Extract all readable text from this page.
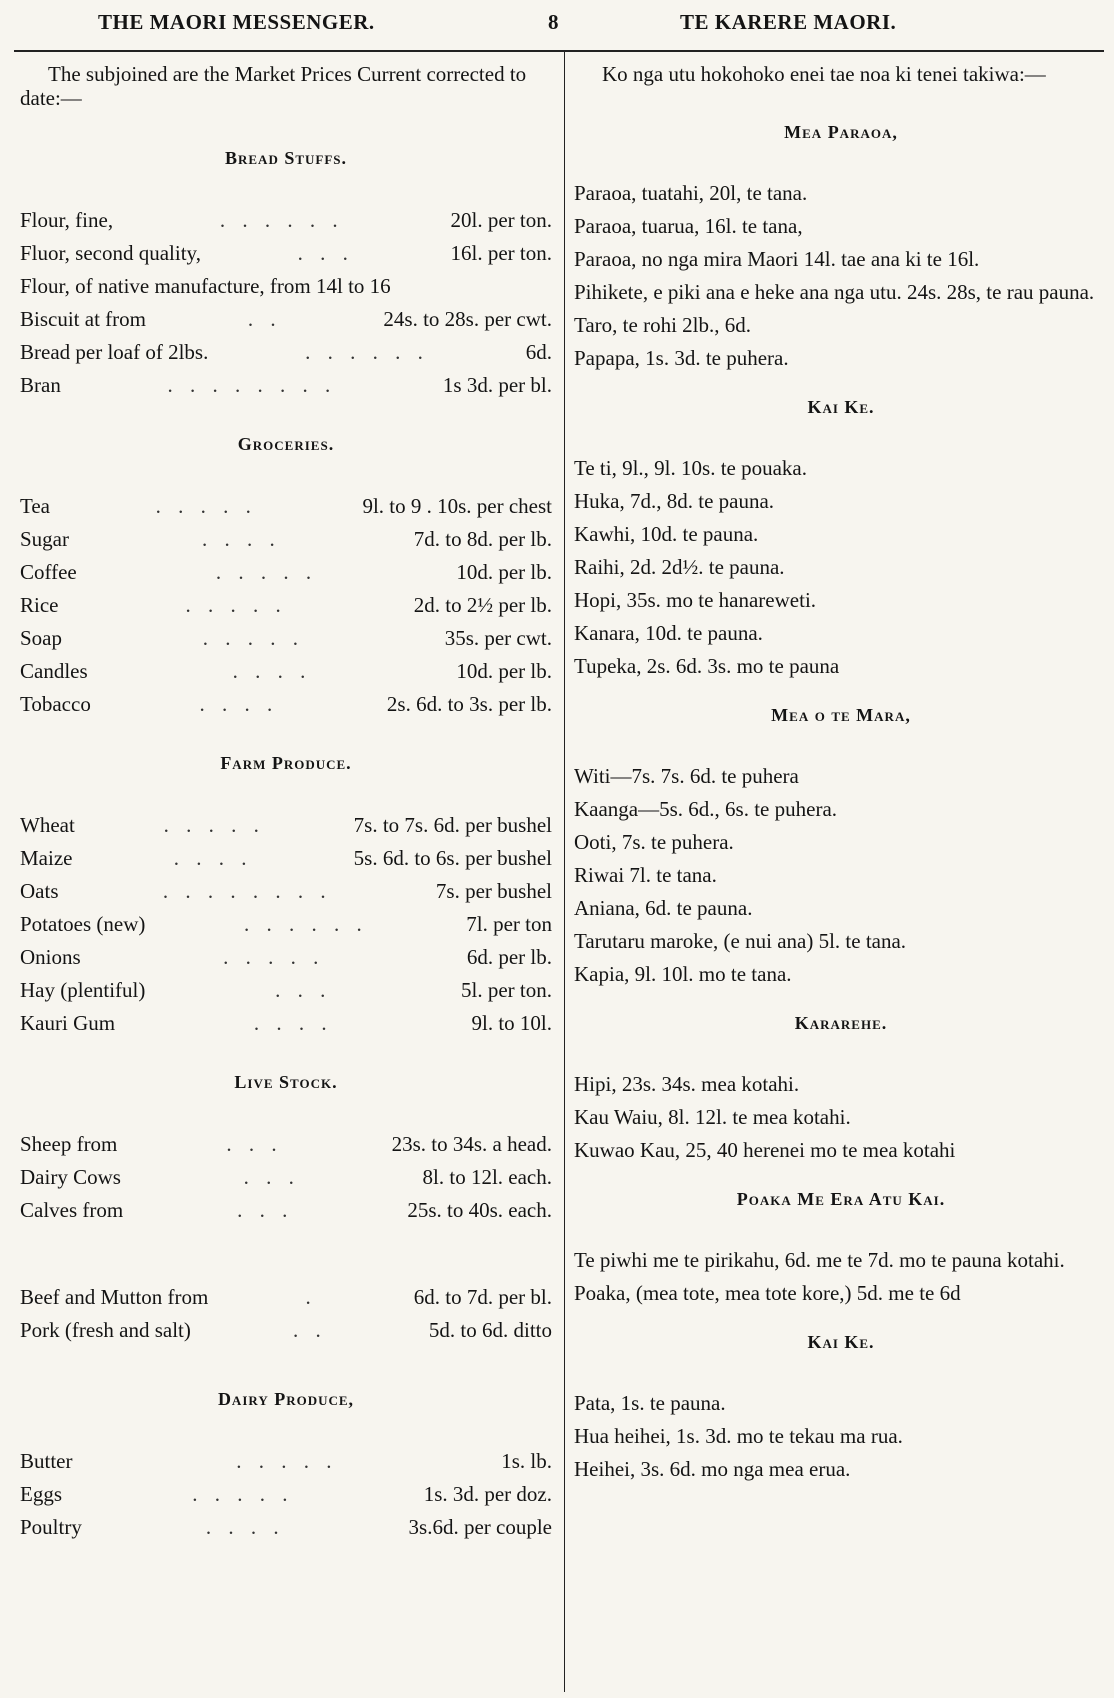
THE MAORI MESSENGER.	8	TE KARERE MAORI.

The subjoined are the Market Prices Current corrected to date:—

Bread Stuffs.
Flour, fine,	. . . . . .	20l. per ton.
Fluor, second quality,	. . .	16l. per ton.
Flour, of native manufacture, from 14l to 16
Biscuit at from	. .	24s. to 28s. per cwt.
Bread per loaf of 2lbs.	. . . . . .	6d.
Bran	. . . . . . . .	1s 3d. per bl.
Groceries.
Tea	. . . . .	9l. to 9 . 10s. per chest
Sugar	. . . .	7d. to 8d. per lb.
Coffee	. . . . .	10d. per lb.
Rice	. . . . .	2d. to 2½ per lb.
Soap	. . . . .	35s. per cwt.
Candles	. . . .	10d. per lb.
Tobacco	. . . .	2s. 6d. to 3s. per lb.
Farm Produce.
Wheat	. . . . .	7s. to 7s. 6d. per bushel
Maize	. . . .	5s. 6d. to 6s. per bushel
Oats	. . . . . . . .	7s. per bushel
Potatoes (new)	. . . . . .	7l. per ton
Onions	. . . . .	6d. per lb.
Hay (plentiful)	. . .	5l. per ton.
Kauri Gum	. . . .	9l. to 10l.
Live Stock.
Sheep from	. . .	23s. to 34s. a head.
Dairy Cows	. . .	8l. to 12l. each.
Calves from	. . .	25s. to 40s. each.
Beef and Mutton from	.	6d. to 7d. per bl.
Pork (fresh and salt)	. .	5d. to 6d. ditto
Dairy Produce,
Butter	. . . . .	1s. lb.
Eggs	. . . . .	1s. 3d. per doz.
Poultry	. . . .	3s.6d. per couple

Ko nga utu hokohoko enei tae noa ki tenei takiwa:—

Mea Paraoa,
Paraoa, tuatahi, 20l, te tana.
Paraoa, tuarua, 16l. te tana,
Paraoa, no nga mira Maori 14l. tae ana ki te 16l.
Pihikete, e piki ana e heke ana nga utu. 24s. 28s, te rau pauna.
Taro, te rohi 2lb., 6d.
Papapa, 1s. 3d. te puhera.
Kai Ke.
Te ti, 9l., 9l. 10s. te pouaka.
Huka, 7d., 8d. te pauna.
Kawhi, 10d. te pauna.
Raihi, 2d. 2d½. te pauna.
Hopi, 35s. mo te hanareweti.
Kanara, 10d. te pauna.
Tupeka, 2s. 6d. 3s. mo te pauna
Mea o te Mara,
Witi—7s. 7s. 6d. te puhera
Kaanga—5s. 6d., 6s. te puhera.
Ooti, 7s. te puhera.
Riwai 7l. te tana.
Aniana, 6d. te pauna.
Tarutaru maroke, (e nui ana) 5l. te tana.
Kapia, 9l. 10l. mo te tana.
Kararehe.
Hipi, 23s. 34s. mea kotahi.
Kau Waiu, 8l. 12l. te mea kotahi.
Kuwao Kau, 25, 40 herenei mo te mea kotahi
Poaka Me Era Atu Kai.
Te piwhi me te pirikahu, 6d. me te 7d. mo te pauna kotahi.
Poaka, (mea tote, mea tote kore,) 5d. me te 6d
Kai Ke.
Pata, 1s. te pauna.
Hua heihei, 1s. 3d. mo te tekau ma rua.
Heihei, 3s. 6d. mo nga mea erua.
